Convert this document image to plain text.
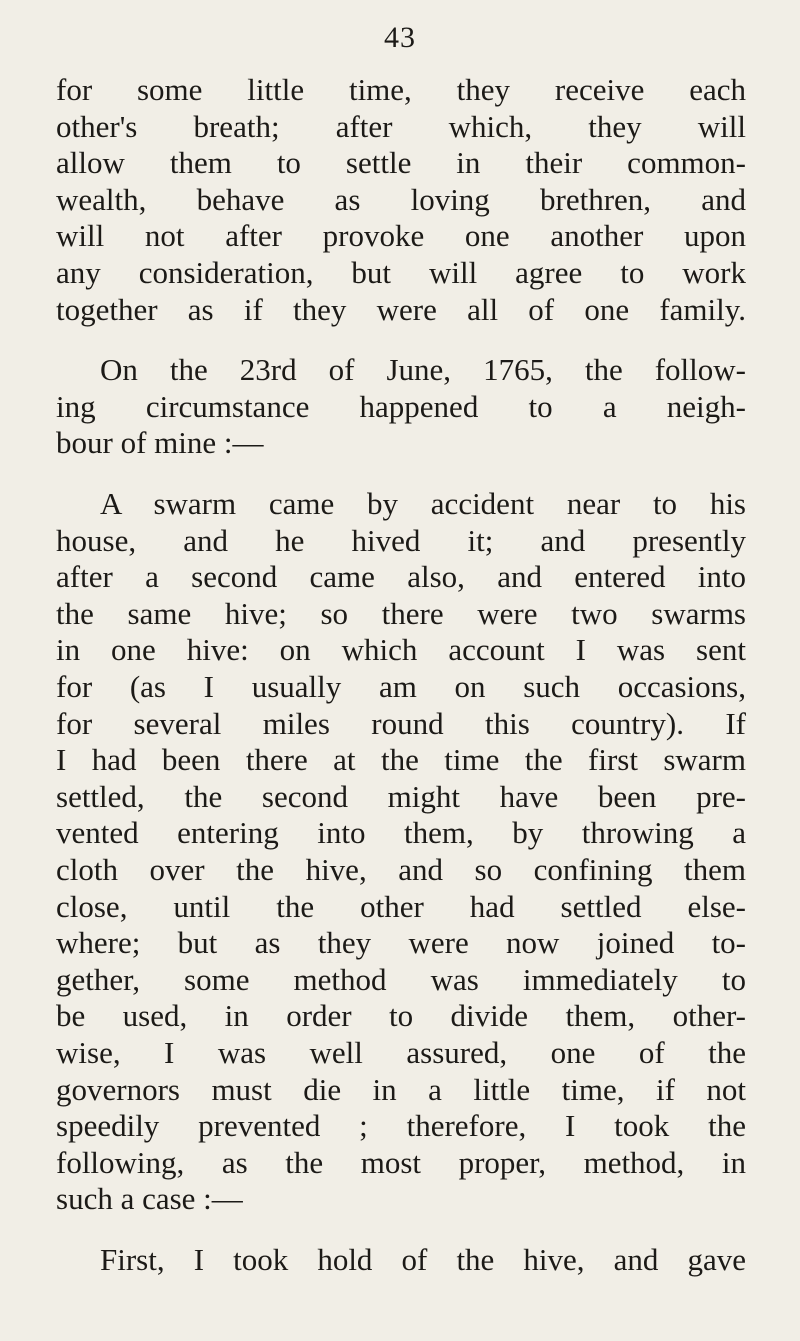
43
for some little time, they receive each
other's breath; after which, they will
allow them to settle in their common-
wealth, behave as loving brethren, and
will not after provoke one another upon
any consideration, but will agree to work
together as if they were all of one family.
On the 23rd of June, 1765, the follow-
ing circumstance happened to a neigh-
bour of mine :—
A swarm came by accident near to his
house, and he hived it; and presently
after a second came also, and entered into
the same hive; so there were two swarms
in one hive: on which account I was sent
for (as I usually am on such occasions,
for several miles round this country). If
I had been there at the time the first swarm
settled, the second might have been pre-
vented entering into them, by throwing a
cloth over the hive, and so confining them
close, until the other had settled else-
where; but as they were now joined to-
gether, some method was immediately to
be used, in order to divide them, other-
wise, I was well assured, one of the
governors must die in a little time, if not
speedily prevented ; therefore, I took the
following, as the most proper, method, in
such a case :—
First, I took hold of the hive, and gave
